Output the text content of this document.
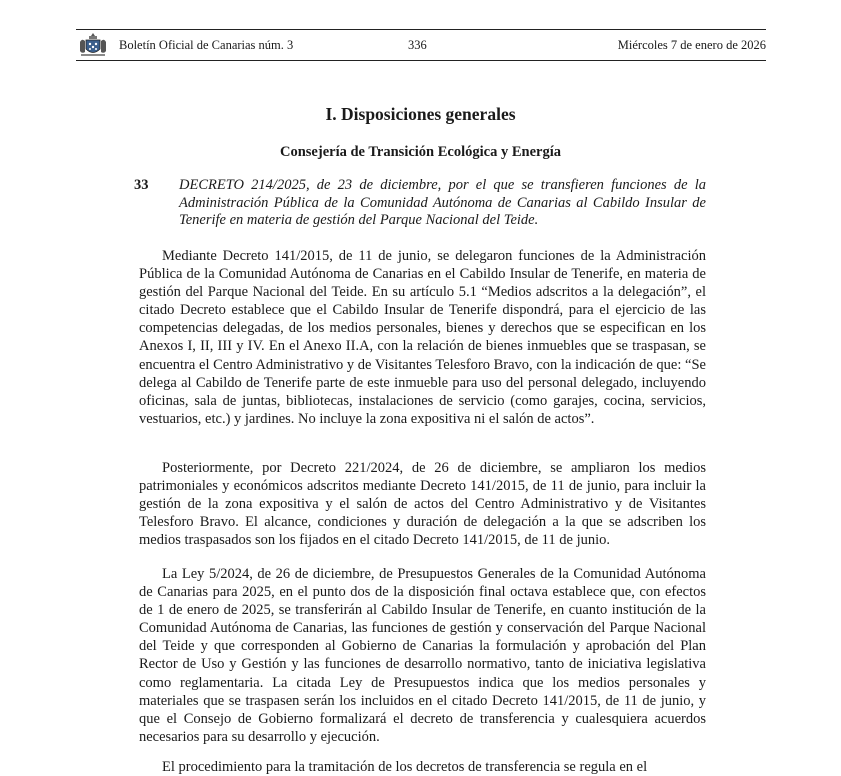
Boletín Oficial de Canarias núm. 3	336	Miércoles 7 de enero de 2026
I. Disposiciones generales
Consejería de Transición Ecológica y Energía
33 DECRETO 214/2025, de 23 de diciembre, por el que se transfieren funciones de la Administración Pública de la Comunidad Autónoma de Canarias al Cabildo Insular de Tenerife en materia de gestión del Parque Nacional del Teide.

Mediante Decreto 141/2015, de 11 de junio, se delegaron funciones de la Administración Pública de la Comunidad Autónoma de Canarias en el Cabildo Insular de Tenerife, en materia de gestión del Parque Nacional del Teide. En su artículo 5.1 “Medios adscritos a la delegación”, el citado Decreto establece que el Cabildo Insular de Tenerife dispondrá, para el ejercicio de las competencias delegadas, de los medios personales, bienes y derechos que se especifican en los Anexos I, II, III y IV. En el Anexo II.A, con la relación de bienes inmuebles que se traspasan, se encuentra el Centro Administrativo y de Visitantes Telesforo Bravo, con la indicación de que: “Se delega al Cabildo de Tenerife parte de este inmueble para uso del personal delegado, incluyendo oficinas, sala de juntas, bibliotecas, instalaciones de servicio (como garajes, cocina, servicios, vestuarios, etc.) y jardines. No incluye la zona expositiva ni el salón de actos”.

Posteriormente, por Decreto 221/2024, de 26 de diciembre, se ampliaron los medios patrimoniales y económicos adscritos mediante Decreto 141/2015, de 11 de junio, para incluir la gestión de la zona expositiva y el salón de actos del Centro Administrativo y de Visitantes Telesforo Bravo. El alcance, condiciones y duración de delegación a la que se adscriben los medios traspasados son los fijados en el citado Decreto 141/2015, de 11 de junio.

La Ley 5/2024, de 26 de diciembre, de Presupuestos Generales de la Comunidad Autónoma de Canarias para 2025, en el punto dos de la disposición final octava establece que, con efectos de 1 de enero de 2025, se transferirán al Cabildo Insular de Tenerife, en cuanto institución de la Comunidad Autónoma de Canarias, las funciones de gestión y conservación del Parque Nacional del Teide y que corresponden al Gobierno de Canarias la formulación y aprobación del Plan Rector de Uso y Gestión y las funciones de desarrollo normativo, tanto de iniciativa legislativa como reglamentaria. La citada Ley de Presupuestos indica que los medios personales y materiales que se traspasen serán los incluidos en el citado Decreto 141/2015, de 11 de junio, y que el Consejo de Gobierno formalizará el decreto de transferencia y cualesquiera acuerdos necesarios para su desarrollo y ejecución.

El procedimiento para la tramitación de los decretos de transferencia se regula en el
